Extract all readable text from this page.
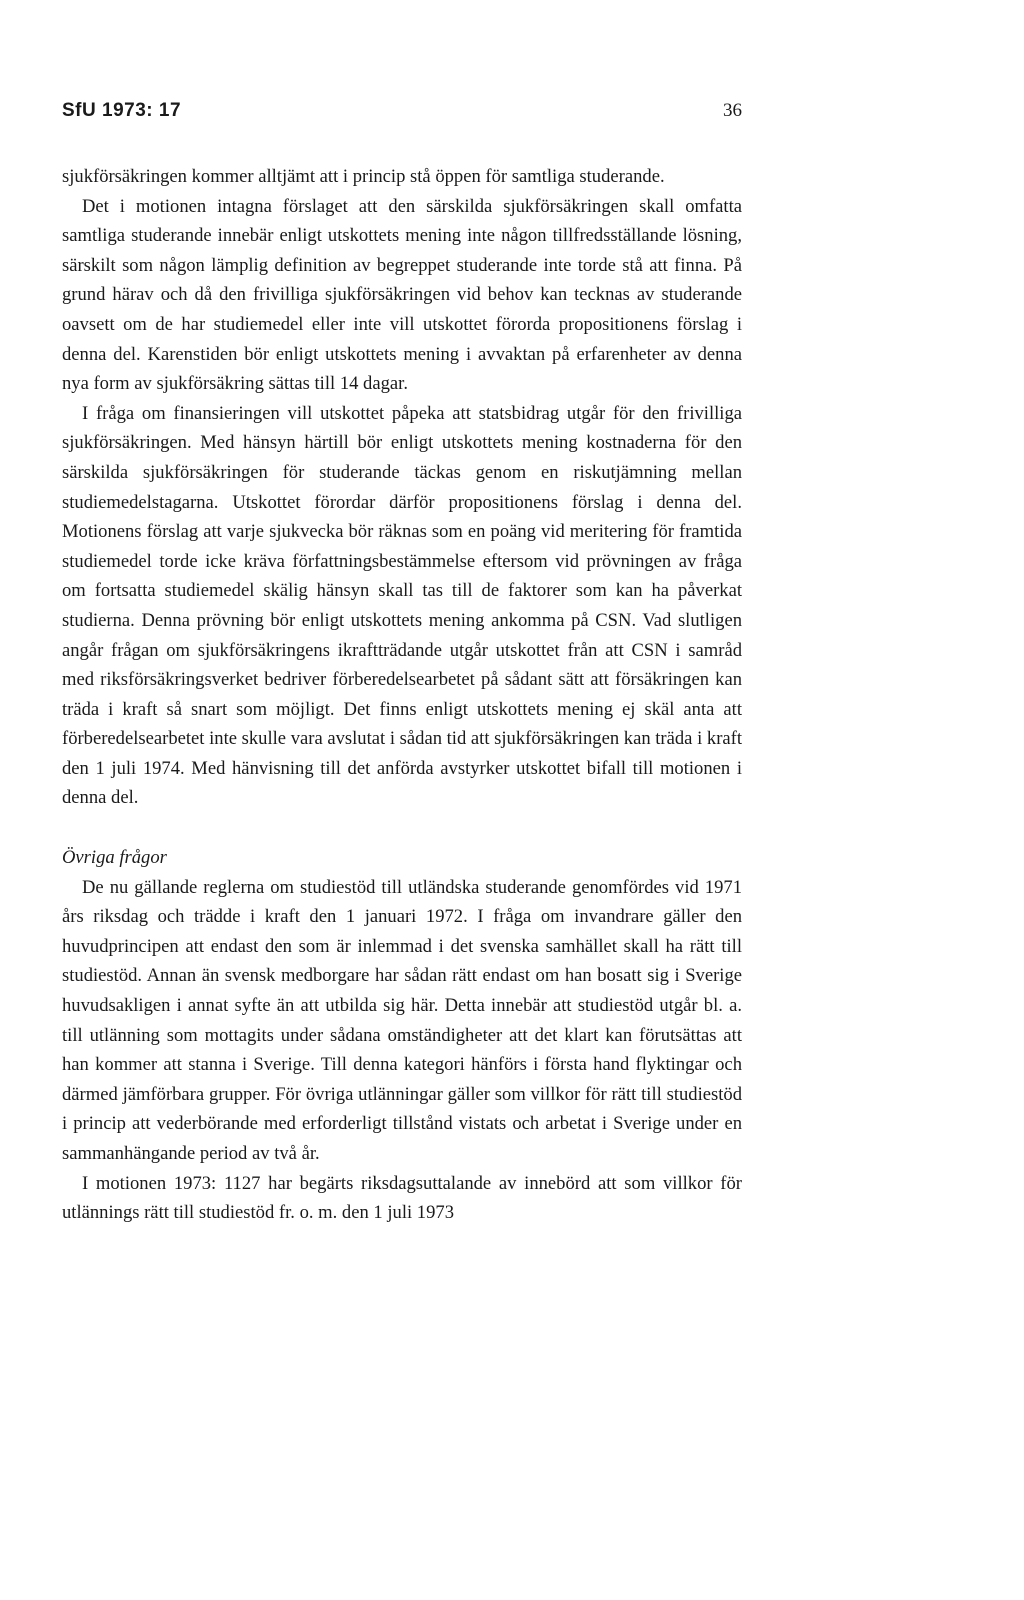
SfU 1973: 17	36

sjukförsäkringen kommer alltjämt att i princip stå öppen för samtliga studerande.

Det i motionen intagna förslaget att den särskilda sjukförsäkringen skall omfatta samtliga studerande innebär enligt utskottets mening inte någon tillfredsställande lösning, särskilt som någon lämplig definition av begreppet studerande inte torde stå att finna. På grund härav och då den frivilliga sjukförsäkringen vid behov kan tecknas av studerande oavsett om de har studiemedel eller inte vill utskottet förorda propositionens förslag i denna del. Karenstiden bör enligt utskottets mening i avvaktan på erfarenheter av denna nya form av sjukförsäkring sättas till 14 dagar.

I fråga om finansieringen vill utskottet påpeka att statsbidrag utgår för den frivilliga sjukförsäkringen. Med hänsyn härtill bör enligt utskottets mening kostnaderna för den särskilda sjukförsäkringen för studerande täckas genom en riskutjämning mellan studiemedelstagarna. Utskottet förordar därför propositionens förslag i denna del. Motionens förslag att varje sjukvecka bör räknas som en poäng vid meritering för framtida studiemedel torde icke kräva författningsbestämmelse eftersom vid prövningen av fråga om fortsatta studiemedel skälig hänsyn skall tas till de faktorer som kan ha påverkat studierna. Denna prövning bör enligt utskottets mening ankomma på CSN. Vad slutligen angår frågan om sjukförsäkringens ikraftträdande utgår utskottet från att CSN i samråd med riksförsäkringsverket bedriver förberedelsearbetet på sådant sätt att försäkringen kan träda i kraft så snart som möjligt. Det finns enligt utskottets mening ej skäl anta att förberedelsearbetet inte skulle vara avslutat i sådan tid att sjukförsäkringen kan träda i kraft den 1 juli 1974. Med hänvisning till det anförda avstyrker utskottet bifall till motionen i denna del.

Övriga frågor

De nu gällande reglerna om studiestöd till utländska studerande genomfördes vid 1971 års riksdag och trädde i kraft den 1 januari 1972. I fråga om invandrare gäller den huvudprincipen att endast den som är inlemmad i det svenska samhället skall ha rätt till studiestöd. Annan än svensk medborgare har sådan rätt endast om han bosatt sig i Sverige huvudsakligen i annat syfte än att utbilda sig här. Detta innebär att studiestöd utgår bl. a. till utlänning som mottagits under sådana omständigheter att det klart kan förutsättas att han kommer att stanna i Sverige. Till denna kategori hänförs i första hand flyktingar och därmed jämförbara grupper. För övriga utlänningar gäller som villkor för rätt till studiestöd i princip att vederbörande med erforderligt tillstånd vistats och arbetat i Sverige under en sammanhängande period av två år.

I motionen 1973: 1127 har begärts riksdagsuttalande av innebörd att som villkor för utlännings rätt till studiestöd fr. o. m. den 1 juli 1973
